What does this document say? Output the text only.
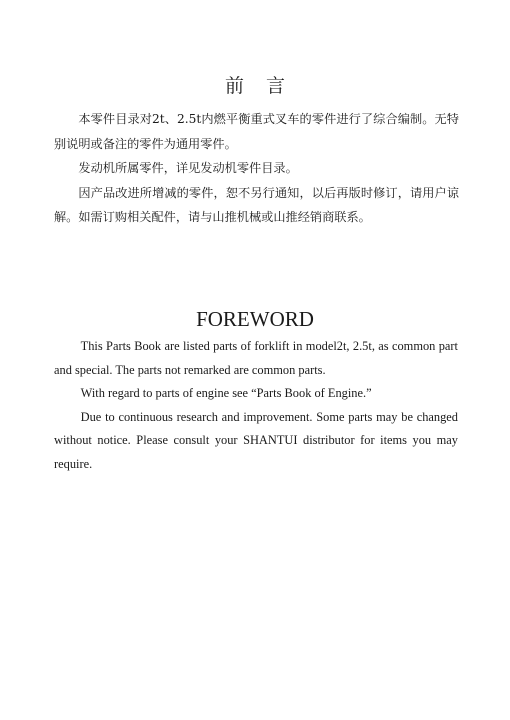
前言

本零件目录对2t、2.5t内燃平衡重式叉车的零件进行了综合编制。无特别说明或备注的零件为通用零件。

发动机所属零件，详见发动机零件目录。

因产品改进所增减的零件，恕不另行通知，以后再版时修订，请用户谅解。如需订购相关配件，请与山推机械或山推经销商联系。

FOREWORD

This Parts Book are listed parts of forklift in model2t, 2.5t, as common part and special. The parts not remarked are common parts.

With regard to parts of engine see “Parts Book of Engine.”

Due to continuous research and improvement. Some parts may be changed without notice. Please consult your SHANTUI distributor for items you may require.
